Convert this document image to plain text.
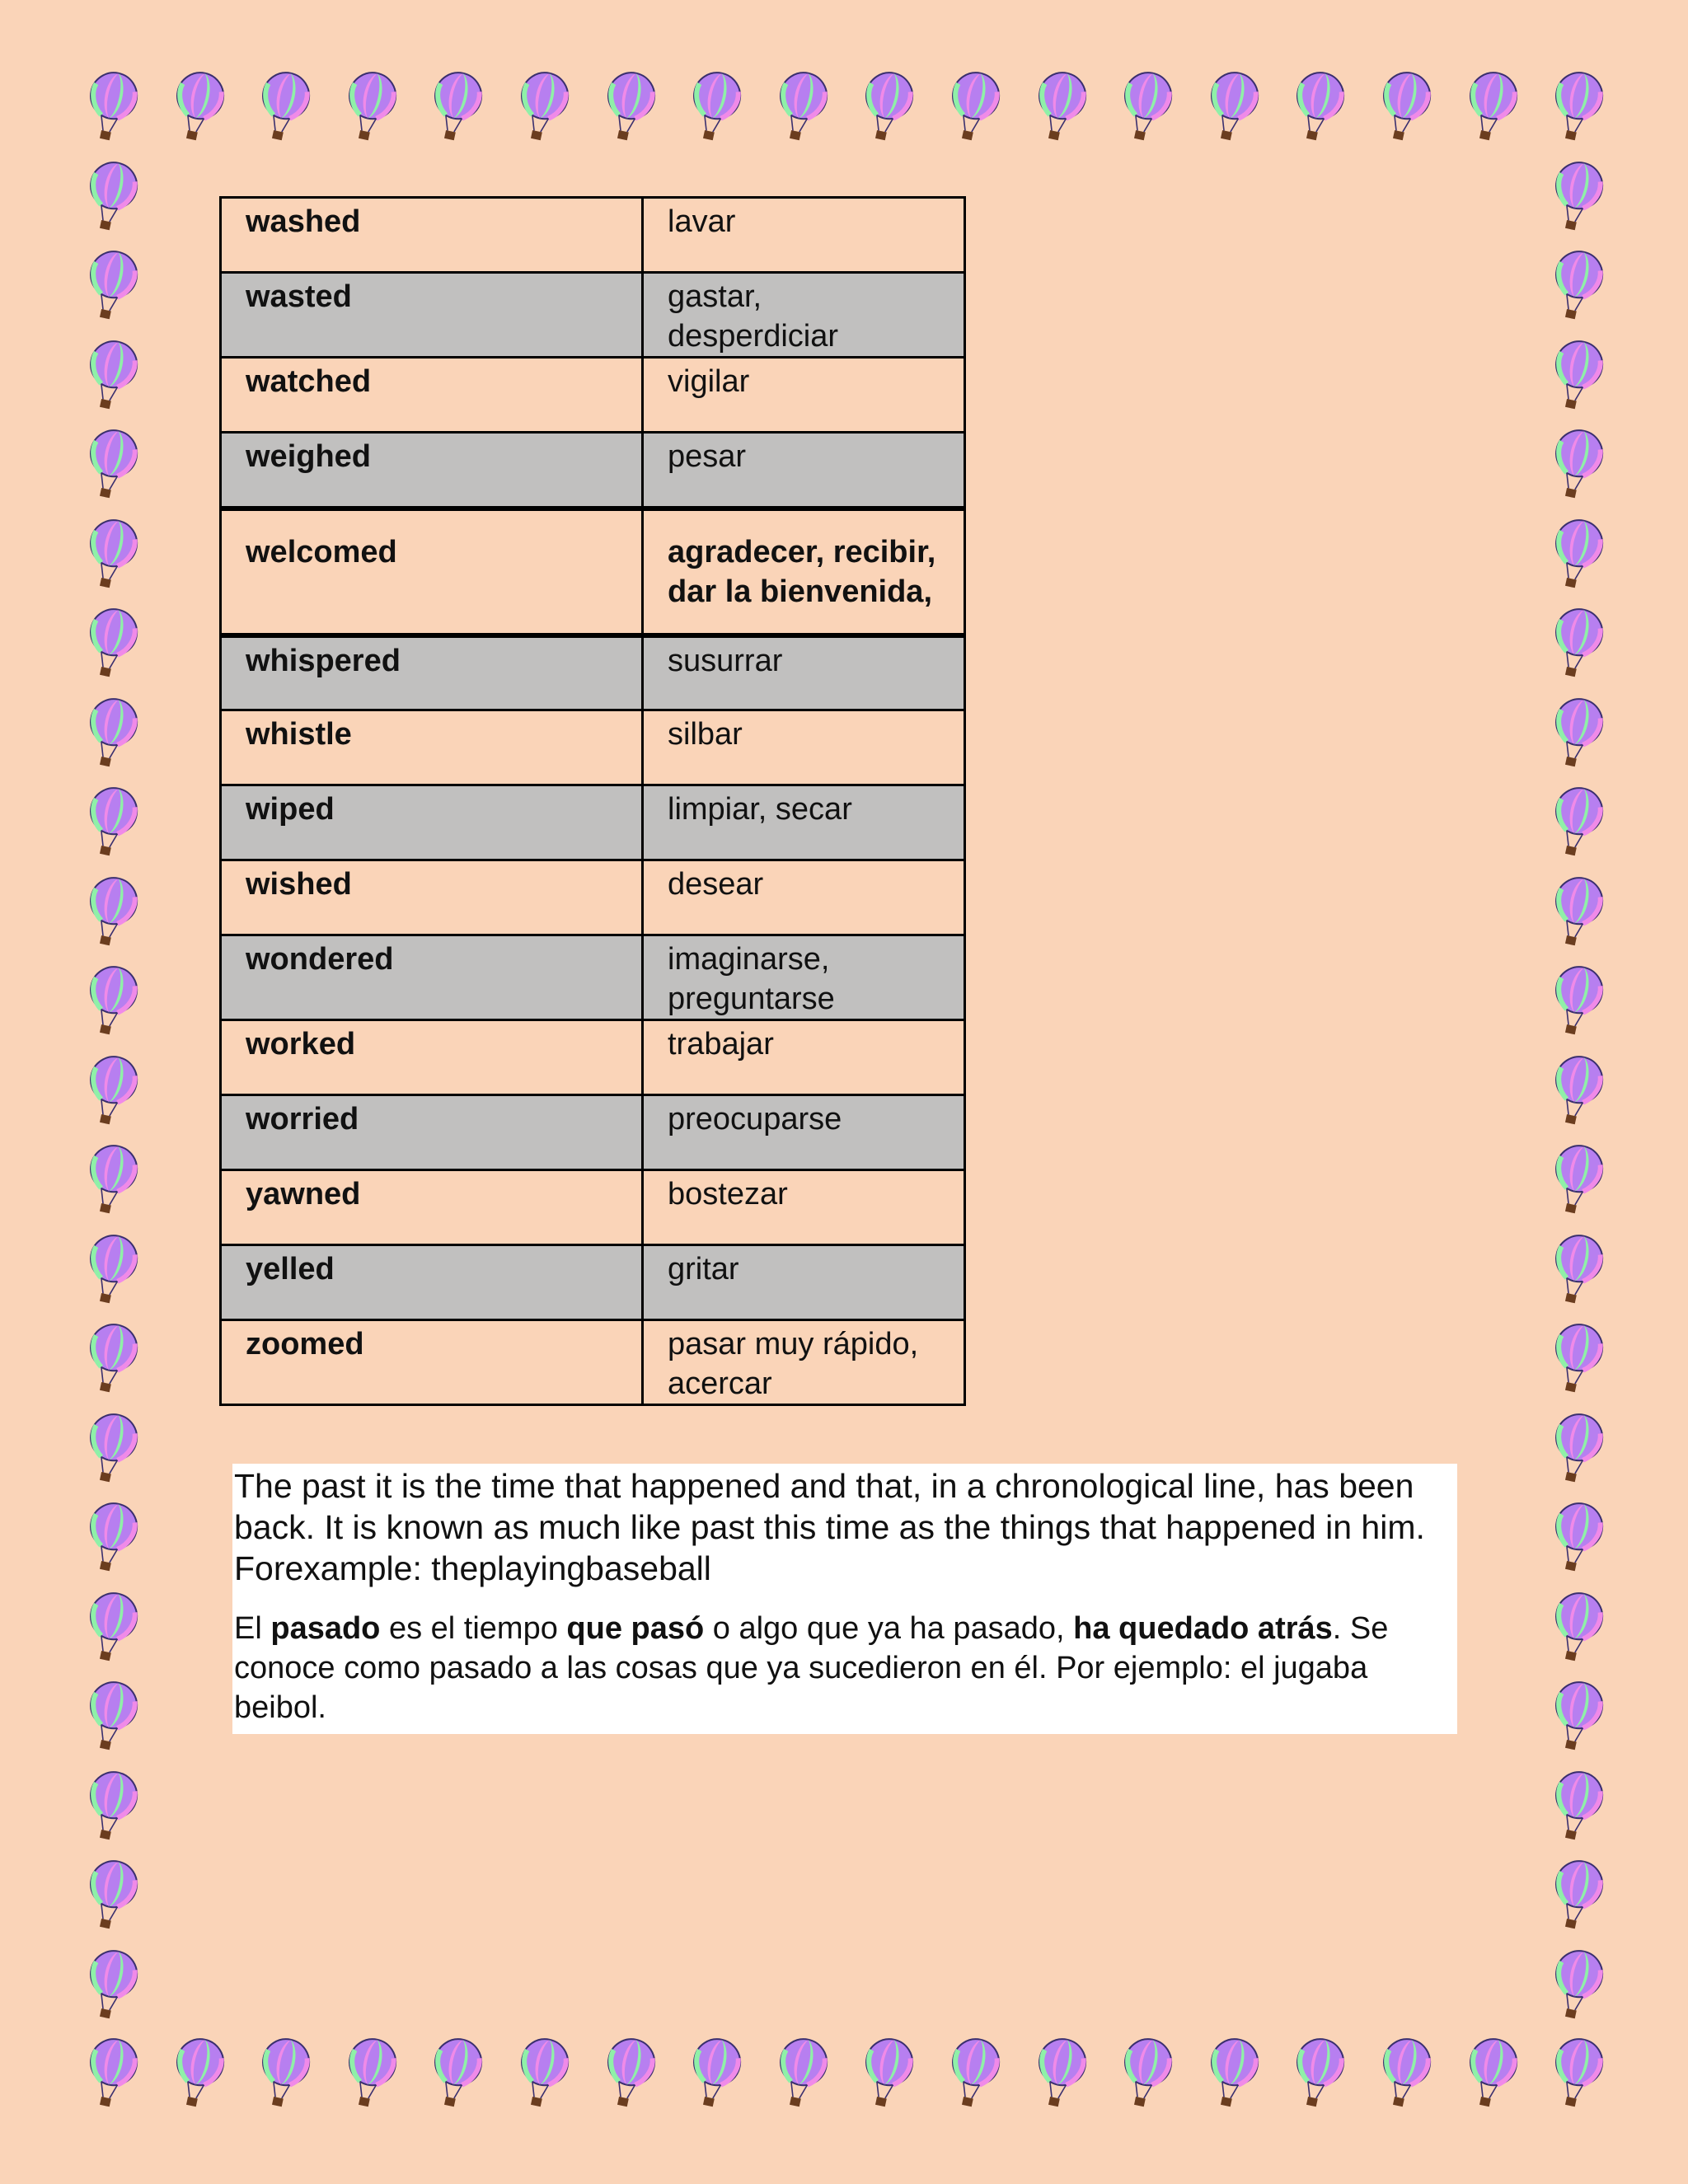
washed	lavar
wasted	gastar, desperdiciar
watched	vigilar
weighed	pesar
welcomed	agradecer, recibir, dar la bienvenida,
whispered	susurrar
whistle	silbar
wiped	limpiar, secar
wished	desear
wondered	imaginarse, preguntarse
worked	trabajar
worried	preocuparse
yawned	bostezar
yelled	gritar
zoomed	pasar muy rápido, acercar

The past it is the time that happened and that, in a chronological line, has been back. It is known as much like past this time as the things that happened in him. Forexample: theplayingbaseball

El pasado es el tiempo que pasó o algo que ya ha pasado, ha quedado atrás. Se conoce como pasado a las cosas que ya sucedieron en él. Por ejemplo: el jugaba beibol.
